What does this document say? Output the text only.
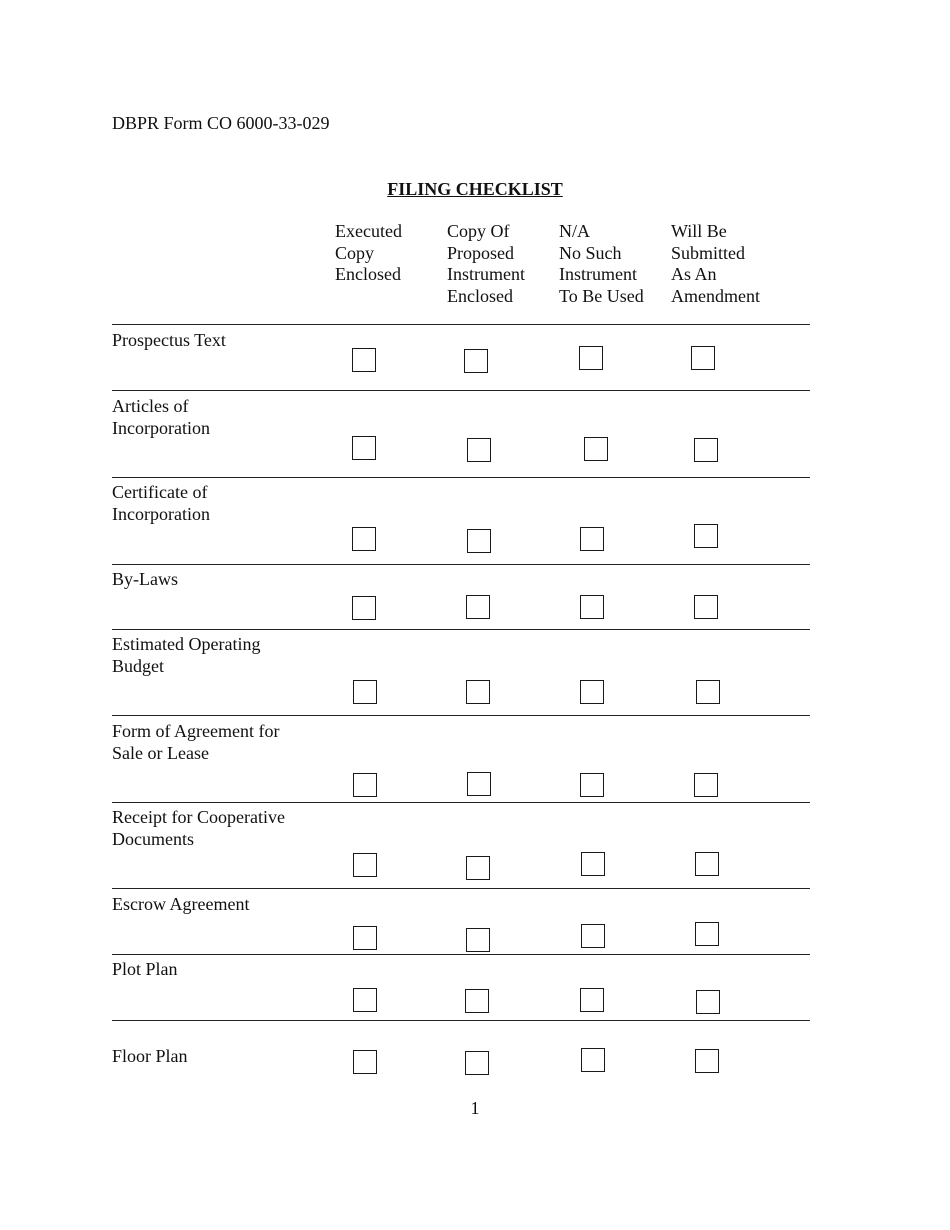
DBPR Form CO 6000-33-029
FILING CHECKLIST
Executed
Copy
Enclosed
Copy Of
Proposed
Instrument
Enclosed
N/A
No Such
Instrument
To Be Used
Will Be
Submitted
As An
Amendment
Prospectus Text
Articles of
Incorporation
Certificate of
Incorporation
By-Laws
Estimated Operating
Budget
Form of Agreement for
Sale or Lease
Receipt for Cooperative
Documents
Escrow Agreement
Plot Plan
Floor Plan
1
